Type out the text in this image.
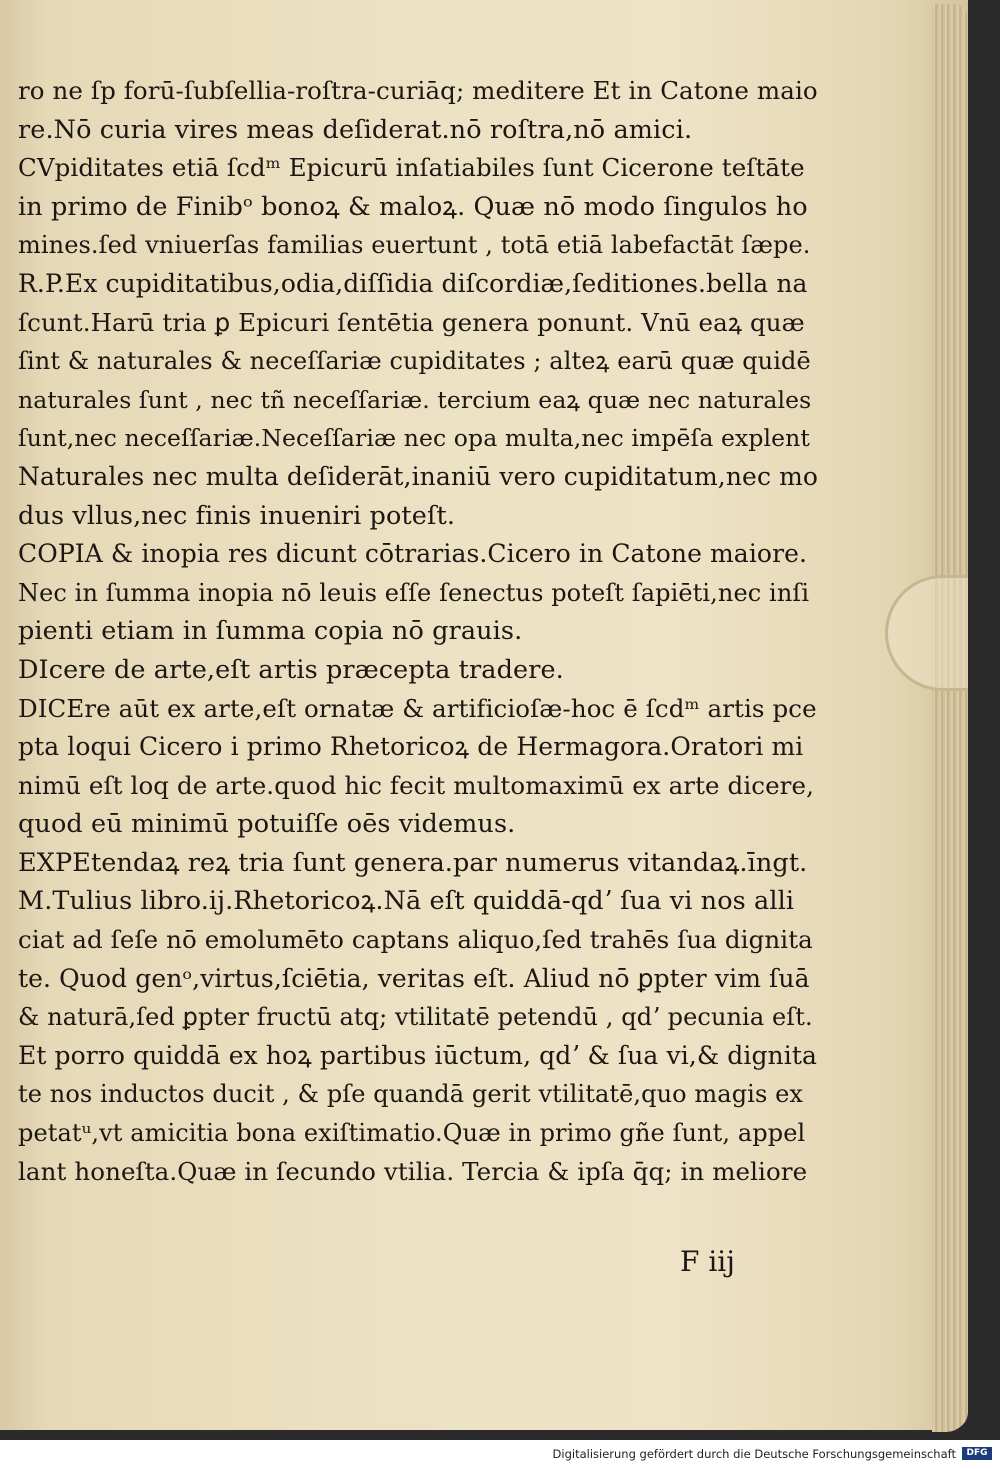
ro ne ſp forū-ſubſellia-roſtra-curiāq; meditere Et in Catone maio
re.Nō curia vires meas deſiderat.nō roſtra,nō amici.
CVpiditates etiā ſcdᵐ Epicurū inſatiabiles ſunt Cicerone teſtāte
in primo de Finibᵒ bonoꝝ & maloꝝ. Quæ nō modo ſingulos ho
mines.ſed vniuerſas familias euertunt , totā etiā labefactāt ſæpe.
R.P.Ex cupiditatibus,odia,diſſidia diſcordiæ,ſeditiones.bella na
ſcunt.Harū tria ꝑ Epicuri ſentētia genera ponunt. Vnū eaꝝ quæ
ſint & naturales & neceſſariæ cupiditates ; alteꝝ earū quæ quidē
naturales ſunt , nec tñ neceſſariæ. tercium eaꝝ quæ nec naturales
ſunt,nec neceſſariæ.Neceſſariæ nec opa multa,nec impēſa explent
Naturales nec multa deſiderāt,inaniū vero cupiditatum,nec mo
dus vllus,nec finis inueniri poteſt.
COPIA & inopia res dicunt cōtrarias.Cicero in Catone maiore.
Nec in ſumma inopia nō leuis eſſe ſenectus poteſt ſapiēti,nec inſi
pienti etiam in ſumma copia nō grauis.
DIcere de arte,eſt artis præcepta tradere.
DICEre aūt ex arte,eſt ornatæ & artificioſæ-hoc ē ſcdᵐ artis pce
pta loqui Cicero i primo Rhetoricoꝝ de Hermagora.Oratori mi
nimū eſt loq de arte.quod hic fecit multomaximū ex arte dicere,
quod eū minimū potuiſſe oēs videmus.
EXPEtendaꝝ reꝝ tria ſunt genera.par numerus vitandaꝝ.īngt.
M.Tulius libro.ij.Rhetoricoꝝ.Nā eſt quiddā-qdʼ ſua vi nos alli
ciat ad ſeſe nō emolumēto captans aliquo,ſed trahēs ſua dignita
te. Quod genᵒ,virtus,ſciētia, veritas eſt. Aliud nō ꝑpter vim ſuā
& naturā,ſed ꝑpter fructū atq; vtilitatē petendū , qdʼ pecunia eſt.
Et porro quiddā ex hoꝝ partibus iūctum, qdʼ & ſua vi,& dignita
te nos inductos ducit , & pſe quandā gerit vtilitatē,quo magis ex
petatᵘ,vt amicitia bona exiſtimatio.Quæ in primo gñe ſunt, appel
lant honeſta.Quæ in ſecundo vtilia. Tercia & ipſa q̄q; in meliore
F iij
Digitalisierung gefördert durch die Deutsche Forschungsgemeinschaft	DFG
